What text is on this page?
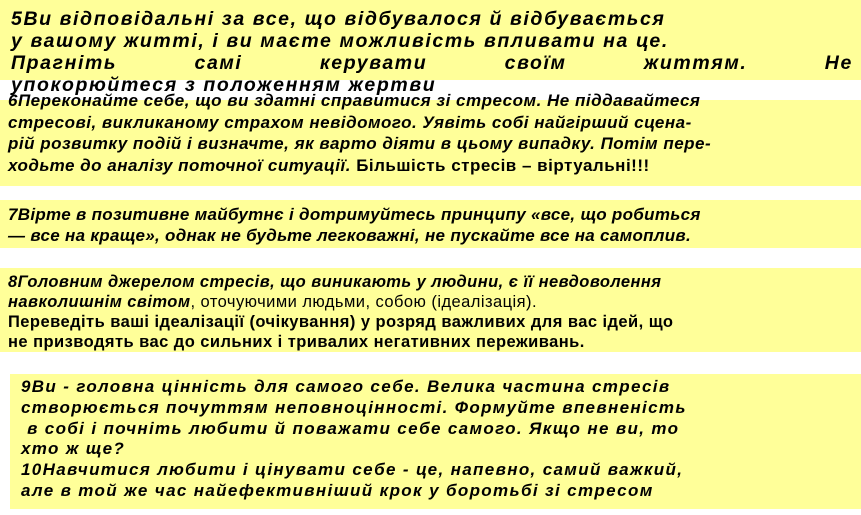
5Ви відповідальні за все, що відбувалося й відбувається

у вашому житті, і ви маєте можливість впливати на це.

Прагніть	самі	керувати	своїм	життям.	Не

упокорюйтеся з положенням жертви

6Переконайте себе, що ви здатні справитися зі стресом. Не піддавайтеся

стресові, викликаному страхом невідомого. Уявіть собі найгірший сцена-

рій розвитку подій і визначте, як варто діяти в цьому випадку. Потім пере-

ходьте до аналізу поточної ситуації. Більшість стресів – віртуальні!!!

7Вірте в позитивне майбутнє і дотримуйтесь принципу «все, що робиться

— все на краще», однак не будьте легковажні, не пускайте все на самоплив.

8Головним джерелом стресів, що виникають у людини, є її невдоволення

навколишнім світом, оточуючими людьми, собою (ідеалізація).

Переведіть ваші ідеалізації (очікування) у розряд важливих для вас ідей, що

не призводять вас до сильних і тривалих негативних переживань.

9Ви - головна цінність для самого себе. Велика частина стресів

створюється почуттям неповноцінності. Формуйте впевненість

в собі і почніть любити й поважати себе самого. Якщо не ви, то

хто ж ще?

10Навчитися любити і цінувати себе - це, напевно, самий важкий,

але в той же час найефективніший крок у боротьбі зі стресом
